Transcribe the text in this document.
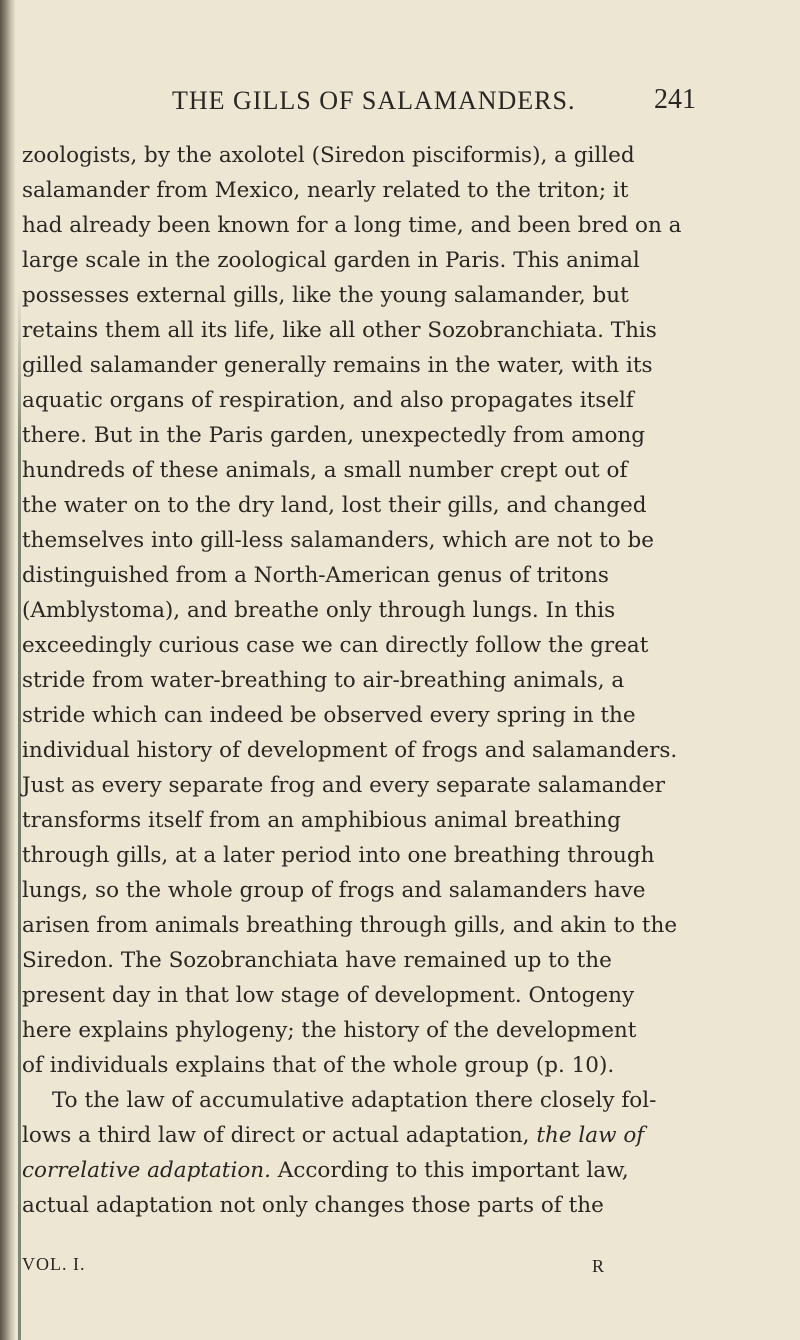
THE GILLS OF SALAMANDERS.	241
zoologists, by the axolotel (Siredon pisciformis), a gilled
salamander from Mexico, nearly related to the triton; it
had already been known for a long time, and been bred on a
large scale in the zoological garden in Paris. This animal
possesses external gills, like the young salamander, but
retains them all its life, like all other Sozobranchiata. This
gilled salamander generally remains in the water, with its
aquatic organs of respiration, and also propagates itself
there. But in the Paris garden, unexpectedly from among
hundreds of these animals, a small number crept out of
the water on to the dry land, lost their gills, and changed
themselves into gill-less salamanders, which are not to be
distinguished from a North-American genus of tritons
(Amblystoma), and breathe only through lungs. In this
exceedingly curious case we can directly follow the great
stride from water-breathing to air-breathing animals, a
stride which can indeed be observed every spring in the
individual history of development of frogs and salamanders.
Just as every separate frog and every separate salamander
transforms itself from an amphibious animal breathing
through gills, at a later period into one breathing through
lungs, so the whole group of frogs and salamanders have
arisen from animals breathing through gills, and akin to the
Siredon. The Sozobranchiata have remained up to the
present day in that low stage of development. Ontogeny
here explains phylogeny; the history of the development
of individuals explains that of the whole group (p. 10).
To the law of accumulative adaptation there closely fol-
lows a third law of direct or actual adaptation, the law of
correlative adaptation. According to this important law,
actual adaptation not only changes those parts of the
VOL. I.	R
